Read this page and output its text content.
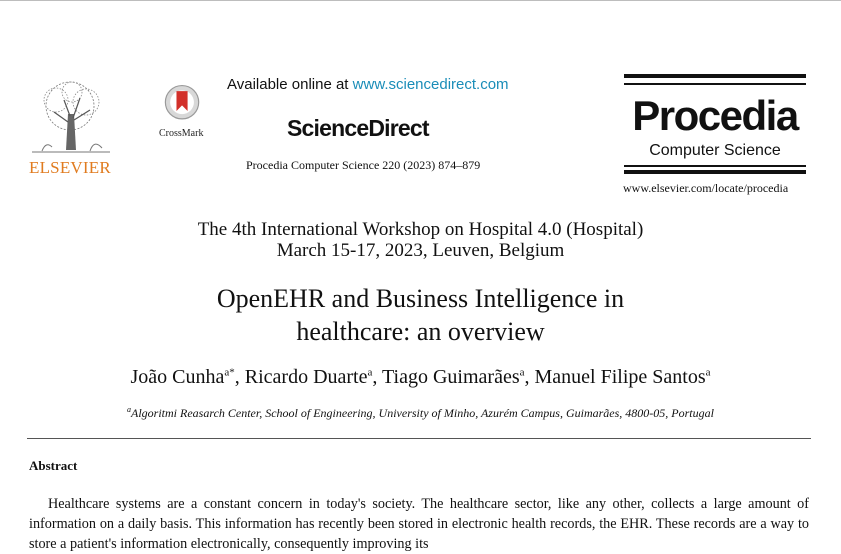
ELSEVIER
CrossMark
Available online at www.sciencedirect.com
ScienceDirect
Procedia Computer Science 220 (2023) 874–879
Procedia
Computer Science
www.elsevier.com/locate/procedia
The 4th International Workshop on Hospital 4.0 (Hospital)
March 15-17, 2023, Leuven, Belgium
OpenEHR and Business Intelligence in
healthcare: an overview
João Cunha$^{a*}$, Ricardo Duarte$^a$, Tiago Guimarães$^a$, Manuel Filipe Santos$^a$
$^a$Algoritmi Reasarch Center, School of Engineering, University of Minho, Azurém Campus, Guimarães, 4800-05, Portugal
Abstract
Healthcare systems are a constant concern in today's society. The healthcare sector, like any other, collects a large amount of information on a daily basis. This information has recently been stored in electronic health records, the EHR. These records are a way to store a patient's information electronically, consequently improving its
